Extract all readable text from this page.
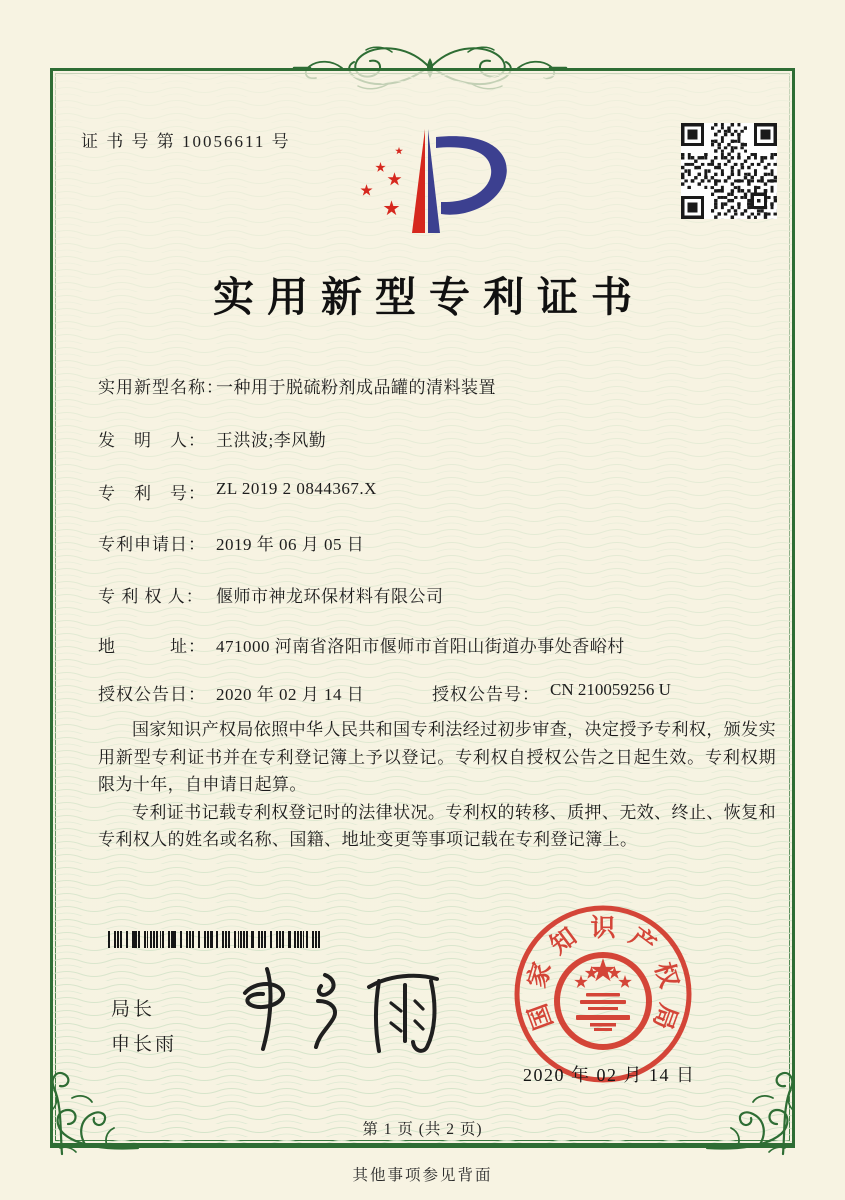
证 书 号 第 10056611 号
实用新型专利证书
实用新型名称：
一种用于脱硫粉剂成品罐的清料装置
发　明　人： 王洪波;李风勤
专　利　号： ZL 2019 2 0844367.X
专利申请日： 2019 年 06 月 05 日
专 利 权 人： 偃师市神龙环保材料有限公司
地　　　址： 471000 河南省洛阳市偃师市首阳山街道办事处香峪村
授权公告日： 2020 年 02 月 14 日	授权公告号： CN 210059256 U

国家知识产权局依照中华人民共和国专利法经过初步审查，决定授予专利权，颁发实用新型专利证书并在专利登记簿上予以登记。专利权自授权公告之日起生效。专利权期限为十年，自申请日起算。

专利证书记载专利权登记时的法律状况。专利权的转移、质押、无效、终止、恢复和专利权人的姓名或名称、国籍、地址变更等事项记载在专利登记簿上。

局长
申长雨
国
家
知 识 产
权
局
2020 年 02 月 14 日
第 1 页 (共 2 页)
其他事项参见背面
